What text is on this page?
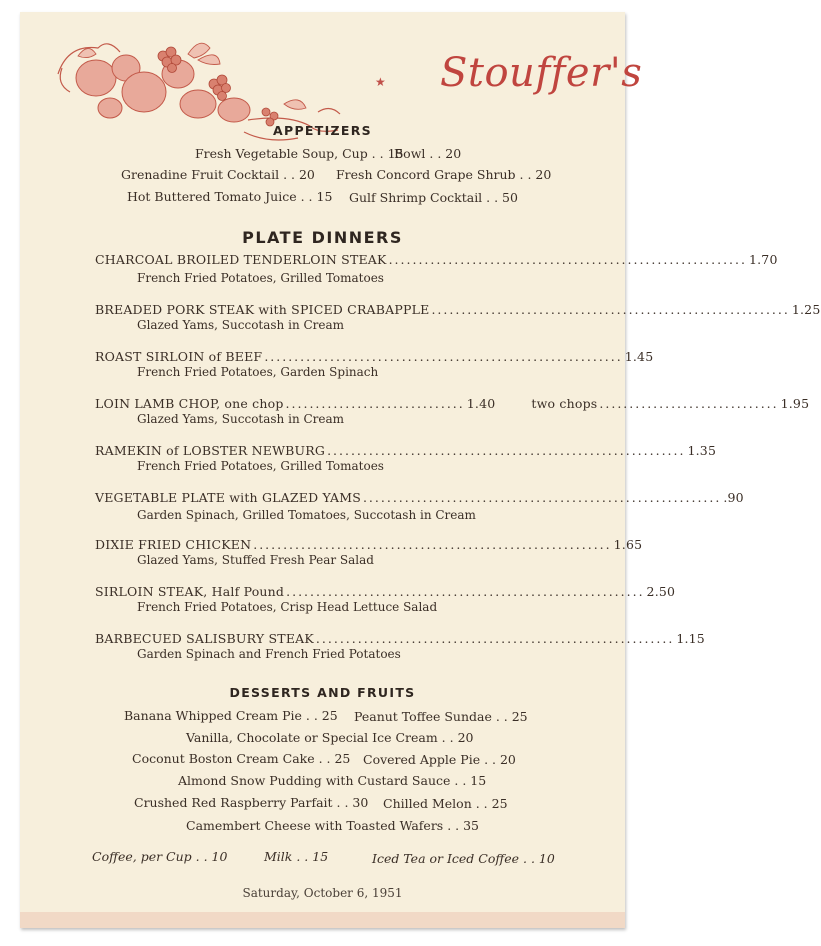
★ Stouffer's
APPETIZERS
Fresh Vegetable Soup, Cup . . 15
Bowl . . 20
Grenadine Fruit Cocktail . . 20 Fresh Concord Grape Shrub . . 20
Hot Buttered Tomato Juice . . 15 Gulf Shrimp Cocktail . . 50
PLATE DINNERS
CHARCOAL BROILED TENDERLOIN STEAK ............................................................ 1.70
French Fried Potatoes, Grilled Tomatoes
BREADED PORK STEAK with SPICED CRABAPPLE ............................................................ 1.25
Glazed Yams, Succotash in Cream
ROAST SIRLOIN of BEEF ............................................................ 1.45
French Fried Potatoes, Garden Spinach
LOIN LAMB CHOP, one chop .............................. 1.40	two chops .............................. 1.95
Glazed Yams, Succotash in Cream
RAMEKIN of LOBSTER NEWBURG ............................................................ 1.35
French Fried Potatoes, Grilled Tomatoes
VEGETABLE PLATE with GLAZED YAMS ............................................................ .90
Garden Spinach, Grilled Tomatoes, Succotash in Cream
DIXIE FRIED CHICKEN ............................................................ 1.65
Glazed Yams, Stuffed Fresh Pear Salad
SIRLOIN STEAK, Half Pound ............................................................ 2.50
French Fried Potatoes, Crisp Head Lettuce Salad
BARBECUED SALISBURY STEAK ............................................................ 1.15
Garden Spinach and French Fried Potatoes
DESSERTS AND FRUITS
Banana Whipped Cream Pie . . 25 Peanut Toffee Sundae . . 25
Vanilla, Chocolate or Special Ice Cream . . 20
Coconut Boston Cream Cake . . 25 Covered Apple Pie . . 20
Almond Snow Pudding with Custard Sauce . . 15
Crushed Red Raspberry Parfait . . 30 Chilled Melon . . 25
Camembert Cheese with Toasted Wafers . . 35
Coffee, per Cup . . 10	Milk . . 15	Iced Tea or Iced Coffee . . 10
Saturday, October 6, 1951
